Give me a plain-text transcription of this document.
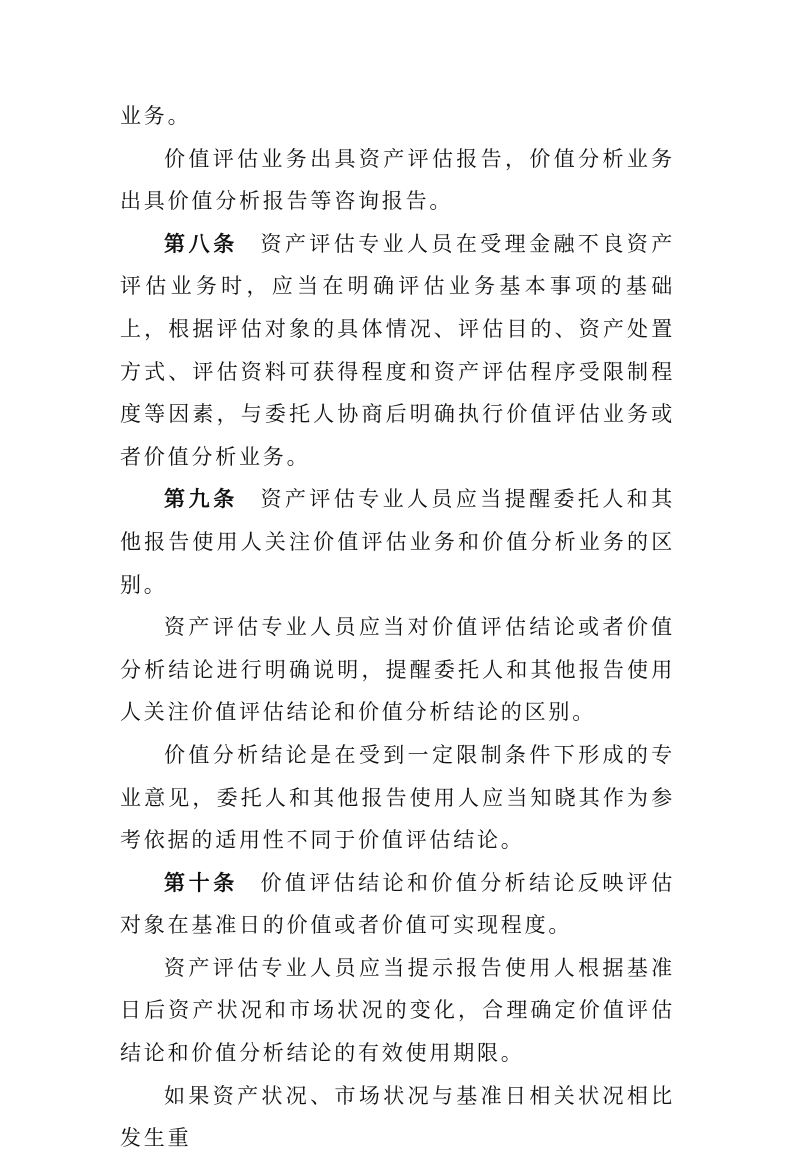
业务。

价值评估业务出具资产评估报告，价值分析业务出具价值分析报告等咨询报告。

第八条 资产评估专业人员在受理金融不良资产评估业务时，应当在明确评估业务基本事项的基础上，根据评估对象的具体情况、评估目的、资产处置方式、评估资料可获得程度和资产评估程序受限制程度等因素，与委托人协商后明确执行价值评估业务或者价值分析业务。

第九条 资产评估专业人员应当提醒委托人和其他报告使用人关注价值评估业务和价值分析业务的区别。

资产评估专业人员应当对价值评估结论或者价值分析结论进行明确说明，提醒委托人和其他报告使用人关注价值评估结论和价值分析结论的区别。

价值分析结论是在受到一定限制条件下形成的专业意见，委托人和其他报告使用人应当知晓其作为参考依据的适用性不同于价值评估结论。

第十条 价值评估结论和价值分析结论反映评估对象在基准日的价值或者价值可实现程度。

资产评估专业人员应当提示报告使用人根据基准日后资产状况和市场状况的变化，合理确定价值评估结论和价值分析结论的有效使用期限。

如果资产状况、市场状况与基准日相关状况相比发生重
